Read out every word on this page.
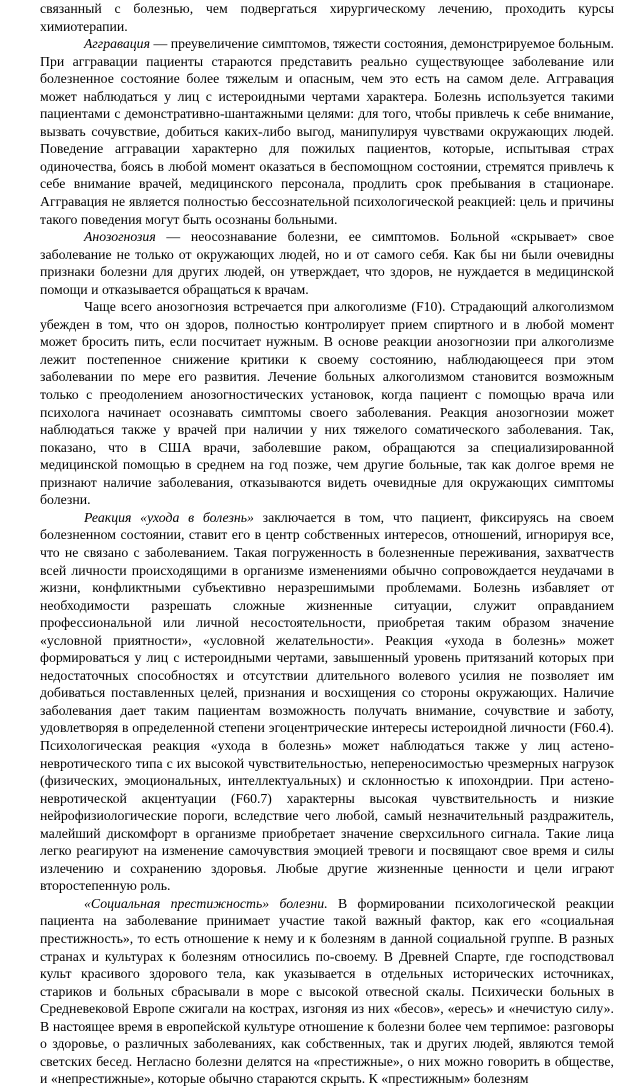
связанный с болезнью, чем подвергаться хирургическому лечению, проходить курсы химиотерапии.

Аггравация — преувеличение симптомов, тяжести состояния, демонстрируемое больным. При аггравации пациенты стараются представить реально существующее заболевание или болезненное состояние более тяжелым и опасным, чем это есть на самом деле. Аггравация может наблюдаться у лиц с истероидными чертами характера. Болезнь используется такими пациентами с демонстративно-шантажными целями: для того, чтобы привлечь к себе внимание, вызвать сочувствие, добиться каких-либо выгод, манипулируя чувствами окружающих людей. Поведение аггравации характерно для пожилых пациентов, которые, испытывая страх одиночества, боясь в любой момент оказаться в беспомощном состоянии, стремятся привлечь к себе внимание врачей, медицинского персонала, продлить срок пребывания в стационаре. Аггравация не является полностью бессознательной психологической реакцией: цель и причины такого поведения могут быть осознаны больными.

Анозогнозия — неосознавание болезни, ее симптомов. Больной «скрывает» свое заболевание не только от окружающих людей, но и от самого себя. Как бы ни были очевидны признаки болезни для других людей, он утверждает, что здоров, не нуждается в медицинской помощи и отказывается обращаться к врачам.

Чаще всего анозогнозия встречается при алкоголизме (F10). Страдающий алкоголизмом убежден в том, что он здоров, полностью контролирует прием спиртного и в любой момент может бросить пить, если посчитает нужным. В основе реакции анозогнозии при алкоголизме лежит постепенное снижение критики к своему состоянию, наблюдающееся при этом заболевании по мере его развития. Лечение больных алкоголизмом становится возможным только с преодолением анозогностических установок, когда пациент с помощью врача или психолога начинает осознавать симптомы своего заболевания. Реакция анозогнозии может наблюдаться также у врачей при наличии у них тяжелого соматического заболевания. Так, показано, что в США врачи, заболевшие раком, обращаются за специализированной медицинской помощью в среднем на год позже, чем другие больные, так как долгое время не признают наличие заболевания, отказываются видеть очевидные для окружающих симптомы болезни.

Реакция «ухода в болезнь» заключается в том, что пациент, фиксируясь на своем болезненном состоянии, ставит его в центр собственных интересов, отношений, игнорируя все, что не связано с заболеванием. Такая погруженность в болезненные переживания, захватчеств всей личности происходящими в организме изменениями обычно сопровождается неудачами в жизни, конфликтными субъективно неразрешимыми проблемами. Болезнь избавляет от необходимости разрешать сложные жизненные ситуации, служит оправданием профессиональной или личной несостоятельности, приобретая таким образом значение «условной приятности», «условной желательности». Реакция «ухода в болезнь» может формироваться у лиц с истероидными чертами, завышенный уровень притязаний которых при недостаточных способностях и отсутствии длительного волевого усилия не позволяет им добиваться поставленных целей, признания и восхищения со стороны окружающих. Наличие заболевания дает таким пациентам возможность получать внимание, сочувствие и заботу, удовлетворяя в определенной степени эгоцентрические интересы истероидной личности (F60.4). Психологическая реакция «ухода в болезнь» может наблюдаться также у лиц астено-невротического типа с их высокой чувствительностью, непереносимостью чрезмерных нагрузок (физических, эмоциональных, интеллектуальных) и склонностью к ипохондрии. При астено-невротической акцентуации (F60.7) характерны высокая чувствительность и низкие нейрофизиологические пороги, вследствие чего любой, самый незначительный раздражитель, малейший дискомфорт в организме приобретает значение сверхсильного сигнала. Такие лица легко реагируют на изменение самочувствия эмоцией тревоги и посвящают свое время и силы излечению и сохранению здоровья. Любые другие жизненные ценности и цели играют второстепенную роль.

«Социальная престижность» болезни. В формировании психологической реакции пациента на заболевание принимает участие такой важный фактор, как его «социальная престижность», то есть отношение к нему и к болезням в данной социальной группе. В разных странах и культурах к болезням относились по-своему. В Древней Спарте, где господствовал культ красивого здорового тела, как указывается в отдельных исторических источниках, стариков и больных сбрасывали в море с высокой отвесной скалы. Психически больных в Средневековой Европе сжигали на кострах, изгоняя из них «бесов», «ересь» и «нечистую силу». В настоящее время в европейской культуре отношение к болезни более чем терпимое: разговоры о здоровье, о различных заболеваниях, как собственных, так и других людей, являются темой светских бесед. Негласно болезни делятся на «престижные», о них можно говорить в обществе, и «непрестижные», которые обычно стараются скрыть. К «престижным» болезням
